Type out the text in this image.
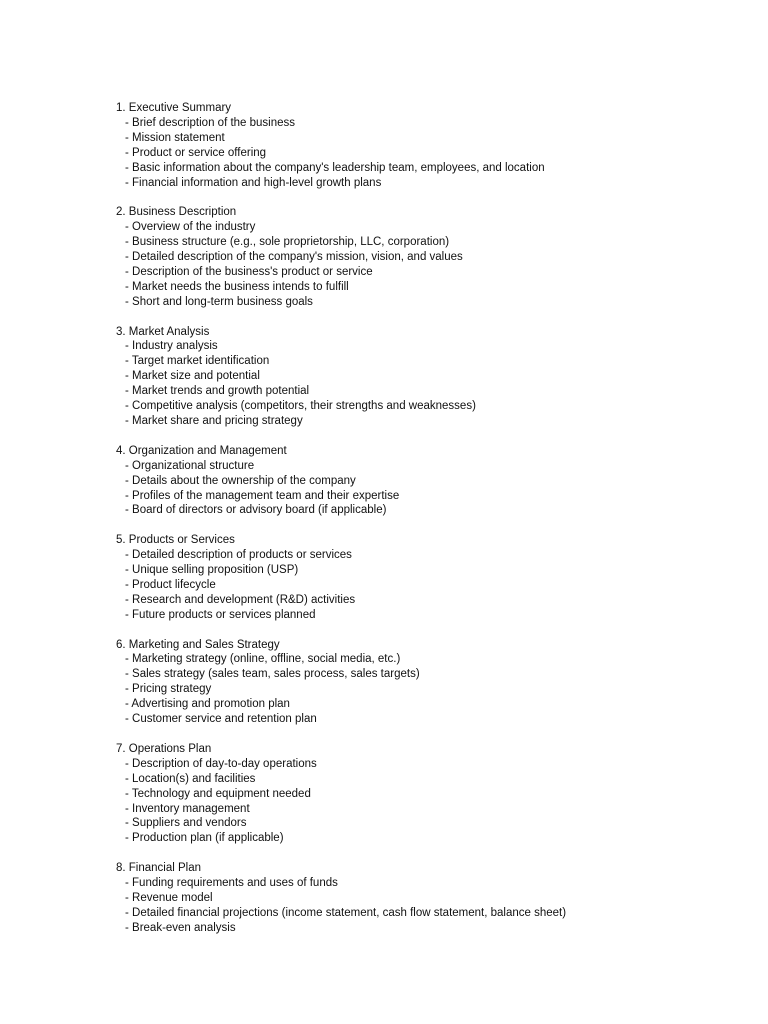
1. Executive Summary
- Brief description of the business
- Mission statement
- Product or service offering
- Basic information about the company's leadership team, employees, and location
- Financial information and high-level growth plans
2. Business Description
- Overview of the industry
- Business structure (e.g., sole proprietorship, LLC, corporation)
- Detailed description of the company's mission, vision, and values
- Description of the business's product or service
- Market needs the business intends to fulfill
- Short and long-term business goals
3. Market Analysis
- Industry analysis
- Target market identification
- Market size and potential
- Market trends and growth potential
- Competitive analysis (competitors, their strengths and weaknesses)
- Market share and pricing strategy
4. Organization and Management
- Organizational structure
- Details about the ownership of the company
- Profiles of the management team and their expertise
- Board of directors or advisory board (if applicable)
5. Products or Services
- Detailed description of products or services
- Unique selling proposition (USP)
- Product lifecycle
- Research and development (R&D) activities
- Future products or services planned
6. Marketing and Sales Strategy
- Marketing strategy (online, offline, social media, etc.)
- Sales strategy (sales team, sales process, sales targets)
- Pricing strategy
- Advertising and promotion plan
- Customer service and retention plan
7. Operations Plan
- Description of day-to-day operations
- Location(s) and facilities
- Technology and equipment needed
- Inventory management
- Suppliers and vendors
- Production plan (if applicable)
8. Financial Plan
- Funding requirements and uses of funds
- Revenue model
- Detailed financial projections (income statement, cash flow statement, balance sheet)
- Break-even analysis
